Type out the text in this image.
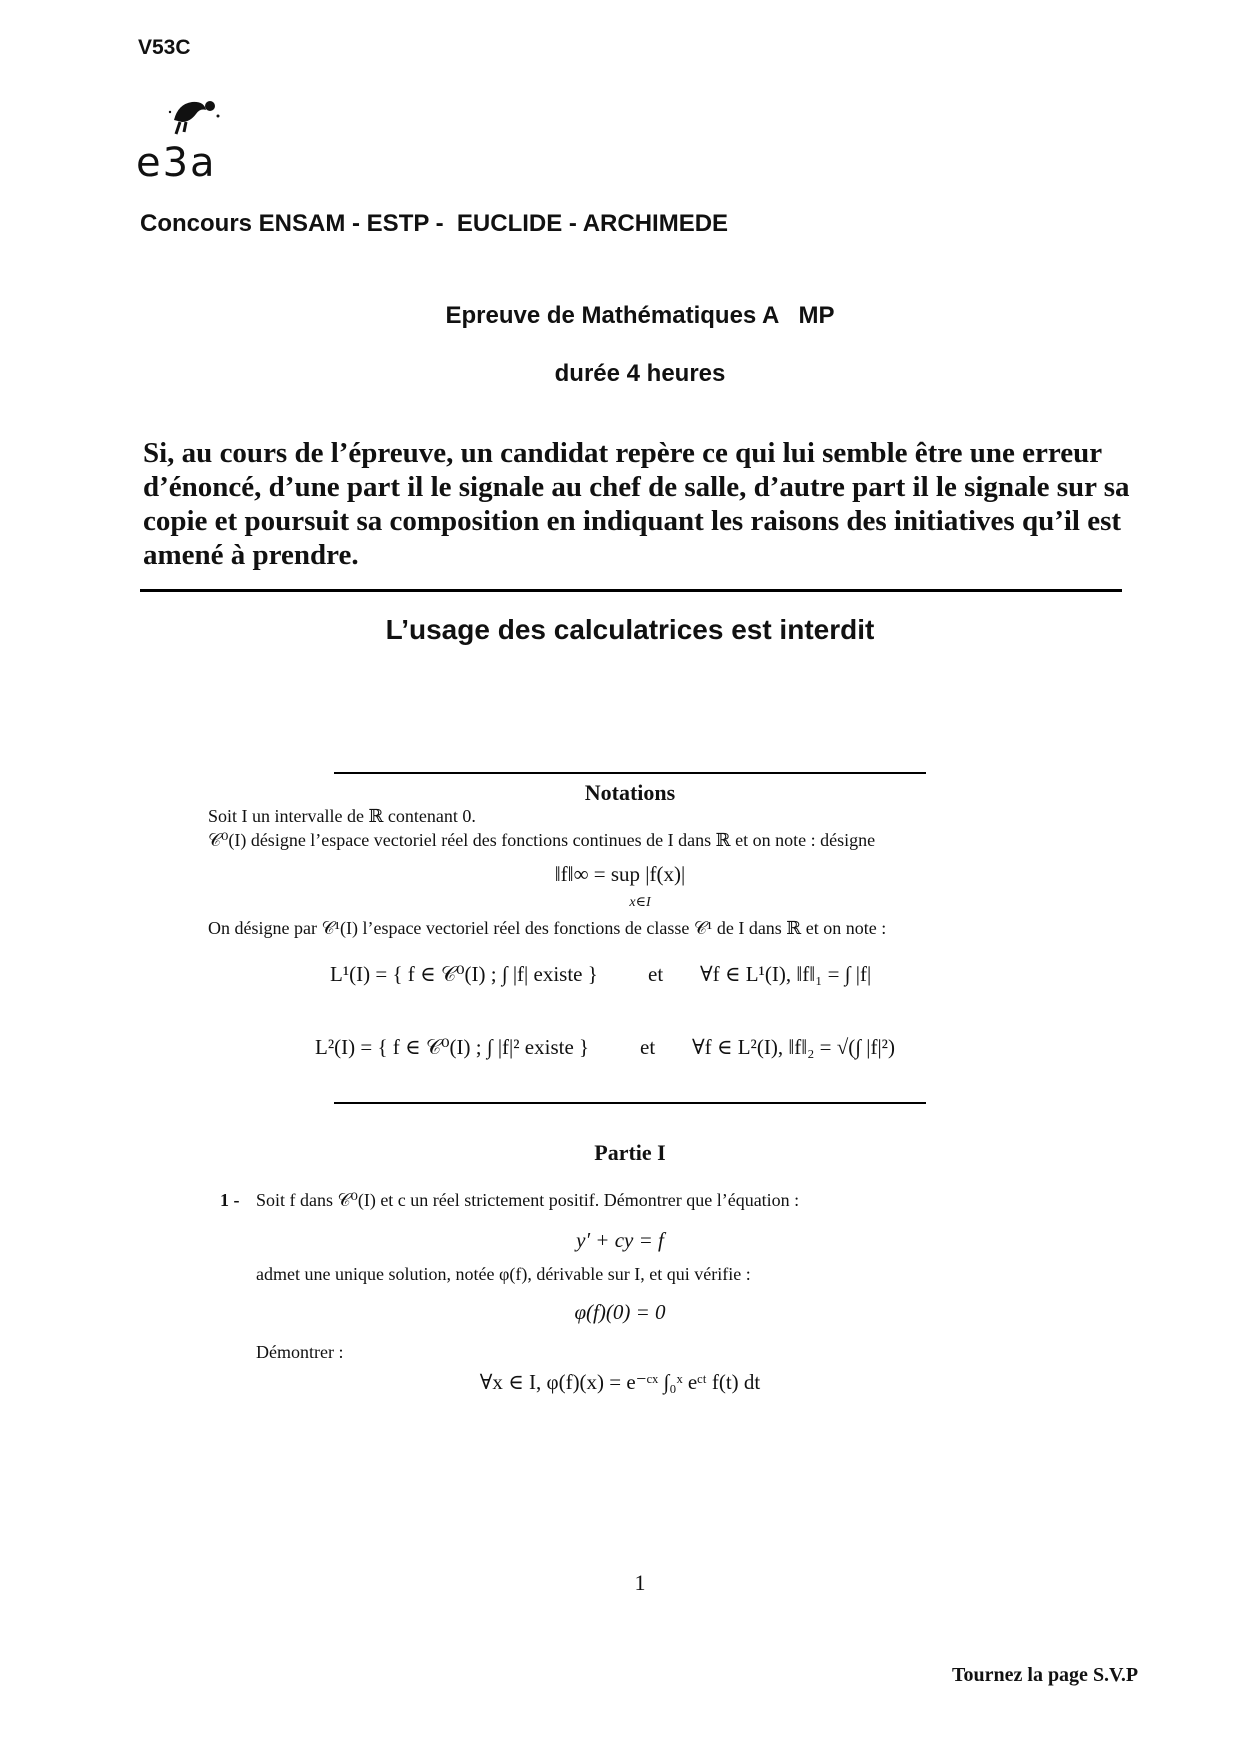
V53C
e3a
Concours ENSAM - ESTP -  EUCLIDE - ARCHIMEDE
Epreuve de Mathématiques A   MP
durée 4 heures
Si, au cours de l’épreuve, un candidat repère ce qui lui semble être une erreur d’énoncé, d’une part il le signale au chef de salle, d’autre part il le signale sur sa copie et poursuit sa composition en indiquant les raisons des initiatives qu’il est amené à prendre.
L’usage des calculatrices est interdit
Notations
Soit I un intervalle de ℝ contenant 0.
𝒞⁰(I) désigne l’espace vectoriel réel des fonctions continues de I dans ℝ et on note : désigne
‖f‖∞ = sup |f(x)|
x∈I
On désigne par 𝒞¹(I) l’espace vectoriel réel des fonctions de classe 𝒞¹ de I dans ℝ et on note :
L¹(I) = { f ∈ 𝒞⁰(I) ; ∫ |f| existe } et ∀f ∈ L¹(I), ‖f‖₁ = ∫ |f|
L²(I) = { f ∈ 𝒞⁰(I) ; ∫ |f|² existe } et ∀f ∈ L²(I), ‖f‖₂ = √(∫ |f|²)
Partie I
1 - Soit f dans 𝒞⁰(I) et c un réel strictement positif. Démontrer que l’équation :
y′ + cy = f
admet une unique solution, notée φ(f), dérivable sur I, et qui vérifie :
φ(f)(0) = 0
Démontrer :
∀x ∈ I, φ(f)(x) = e⁻ᶜˣ ∫₀ˣ eᶜᵗ f(t) dt
1
Tournez la page S.V.P
